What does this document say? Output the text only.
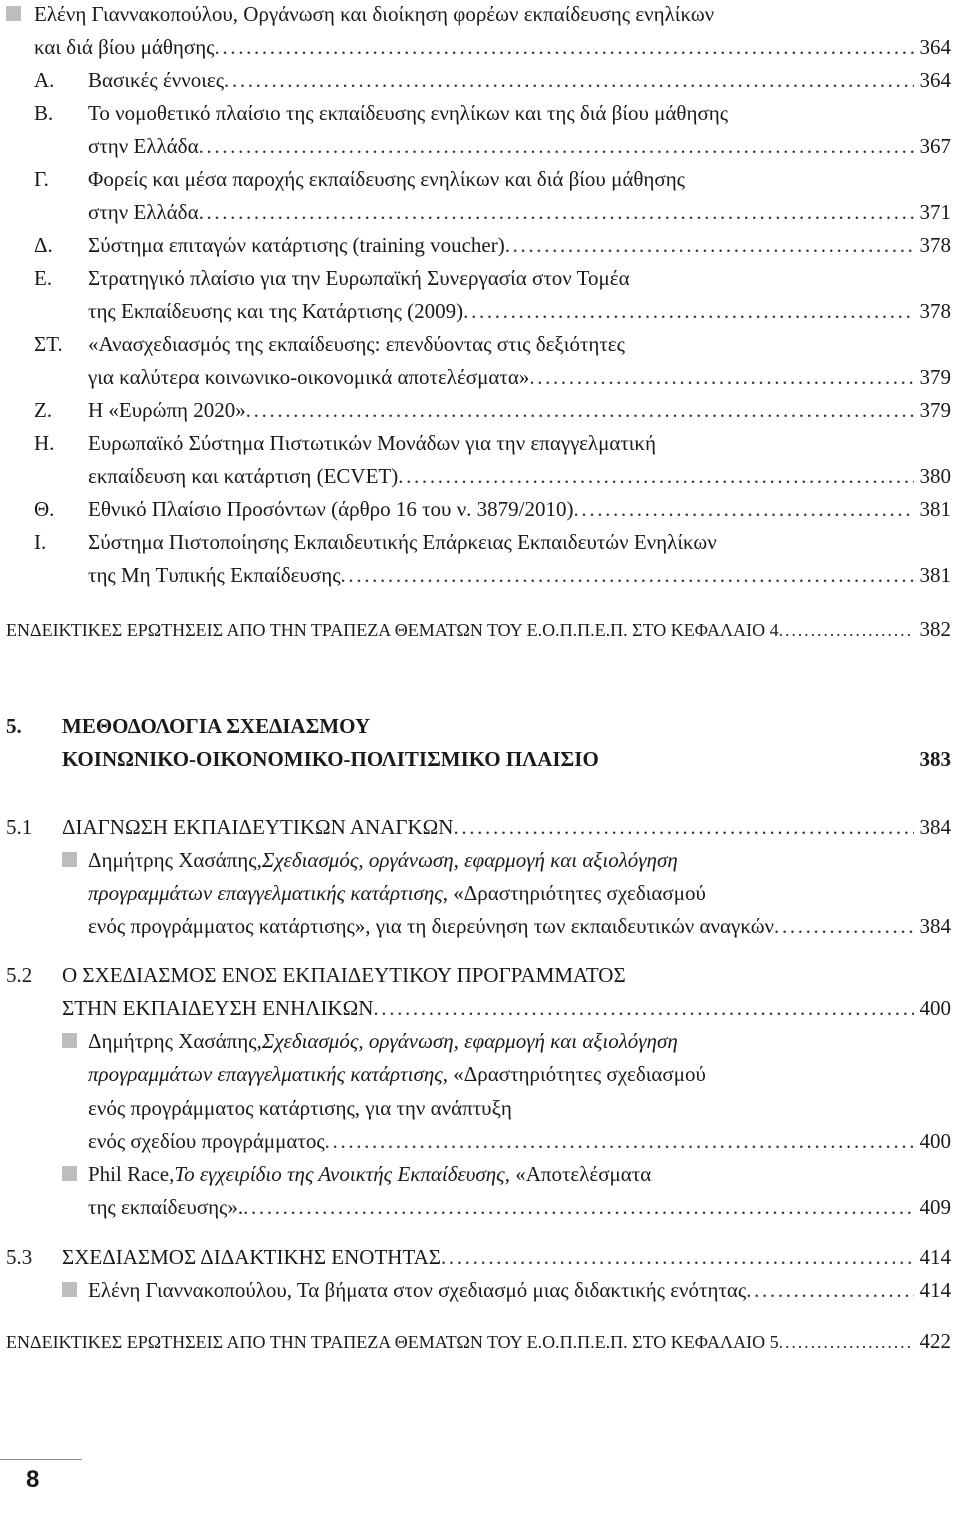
Ελένη Γιαννακοπούλου, Οργάνωση και διοίκηση φορέων εκπαίδευσης ενηλίκων
και διά βίου μάθησης . . .	364
Α. Βασικές έννοιες . . .	364
Β. Το νομοθετικό πλαίσιο της εκπαίδευσης ενηλίκων και της διά βίου μάθησης
στην Ελλάδα . . .	367
Γ. Φορείς και μέσα παροχής εκπαίδευσης ενηλίκων και διά βίου μάθησης
στην Ελλάδα . . .	371
Δ. Σύστημα επιταγών κατάρτισης (training voucher) . . .	378
Ε. Στρατηγικό πλαίσιο για την Ευρωπαϊκή Συνεργασία στον Τομέα
της Εκπαίδευσης και της Κατάρτισης (2009) . . .	378
ΣΤ. «Ανασχεδιασμός της εκπαίδευσης: επενδύοντας στις δεξιότητες
για καλύτερα κοινωνικο-οικονομικά αποτελέσματα» . . .	379
Ζ. Η «Ευρώπη 2020» . . .	379
Η. Ευρωπαϊκό Σύστημα Πιστωτικών Μονάδων για την επαγγελματική
εκπαίδευση και κατάρτιση (ECVET) . . .	380
Θ. Εθνικό Πλαίσιο Προσόντων (άρθρο 16 του ν. 3879/2010) . . .	381
Ι. Σύστημα Πιστοποίησης Εκπαιδευτικής Επάρκειας Εκπαιδευτών Ενηλίκων
της Μη Τυπικής Εκπαίδευσης . . .	381
ΕΝΔΕΙΚΤΙΚΕΣ ΕΡΩΤΗΣΕΙΣ ΑΠΟ ΤΗΝ ΤΡΑΠΕΖΑ ΘΕΜΑΤΩΝ ΤΟΥ Ε.Ο.Π.Π.Ε.Π. ΣΤΟ ΚΕΦΑΛΑΙΟ 4 . . .	382
5. ΜΕΘΟΔΟΛΟΓΙΑ ΣΧΕΔΙΑΣΜΟΥ
ΚΟΙΝΩΝΙΚΟ-ΟΙΚΟΝΟΜΙΚΟ-ΠΟΛΙΤΙΣΜΙΚΟ ΠΛΑΙΣΙΟ	383
5.1 ΔΙΑΓΝΩΣΗ ΕΚΠΑΙΔΕΥΤΙΚΩΝ ΑΝΑΓΚΩΝ . . .	384
Δημήτρης Χασάπης, Σχεδιασμός, οργάνωση, εφαρμογή και αξιολόγηση
προγραμμάτων επαγγελματικής κατάρτισης , «Δραστηριότητες σχεδιασμού
ενός προγράμματος κατάρτισης», για τη διερεύνηση των εκπαιδευτικών αναγκών . . .	384
5.2 Ο ΣΧΕΔΙΑΣΜΟΣ ΕΝΟΣ ΕΚΠΑΙΔΕΥΤΙΚΟΥ ΠΡΟΓΡΑΜΜΑΤΟΣ
ΣΤΗΝ ΕΚΠΑΙΔΕΥΣΗ ΕΝΗΛΙΚΩΝ . . .	400
Δημήτρης Χασάπης, Σχεδιασμός, οργάνωση, εφαρμογή και αξιολόγηση
προγραμμάτων επαγγελματικής κατάρτισης , «Δραστηριότητες σχεδιασμού
ενός προγράμματος κατάρτισης, για την ανάπτυξη
ενός σχεδίου προγράμματος . . .	400
Phil Race, Το εγχειρίδιο της Ανοικτής Εκπαίδευσης , «Αποτελέσματα
της εκπαίδευσης». . . .	409
5.3 ΣΧΕΔΙΑΣΜΟΣ ΔΙΔΑΚΤΙΚΗΣ ΕΝΟΤΗΤΑΣ . . .	414
Ελένη Γιαννακοπούλου, Τα βήματα στον σχεδιασμό μιας διδακτικής ενότητας . . .	414
ΕΝΔΕΙΚΤΙΚΕΣ ΕΡΩΤΗΣΕΙΣ ΑΠΟ ΤΗΝ ΤΡΑΠΕΖΑ ΘΕΜΑΤΩΝ ΤΟΥ Ε.Ο.Π.Π.Ε.Π. ΣΤΟ ΚΕΦΑΛΑΙΟ 5 . . .	422
8
